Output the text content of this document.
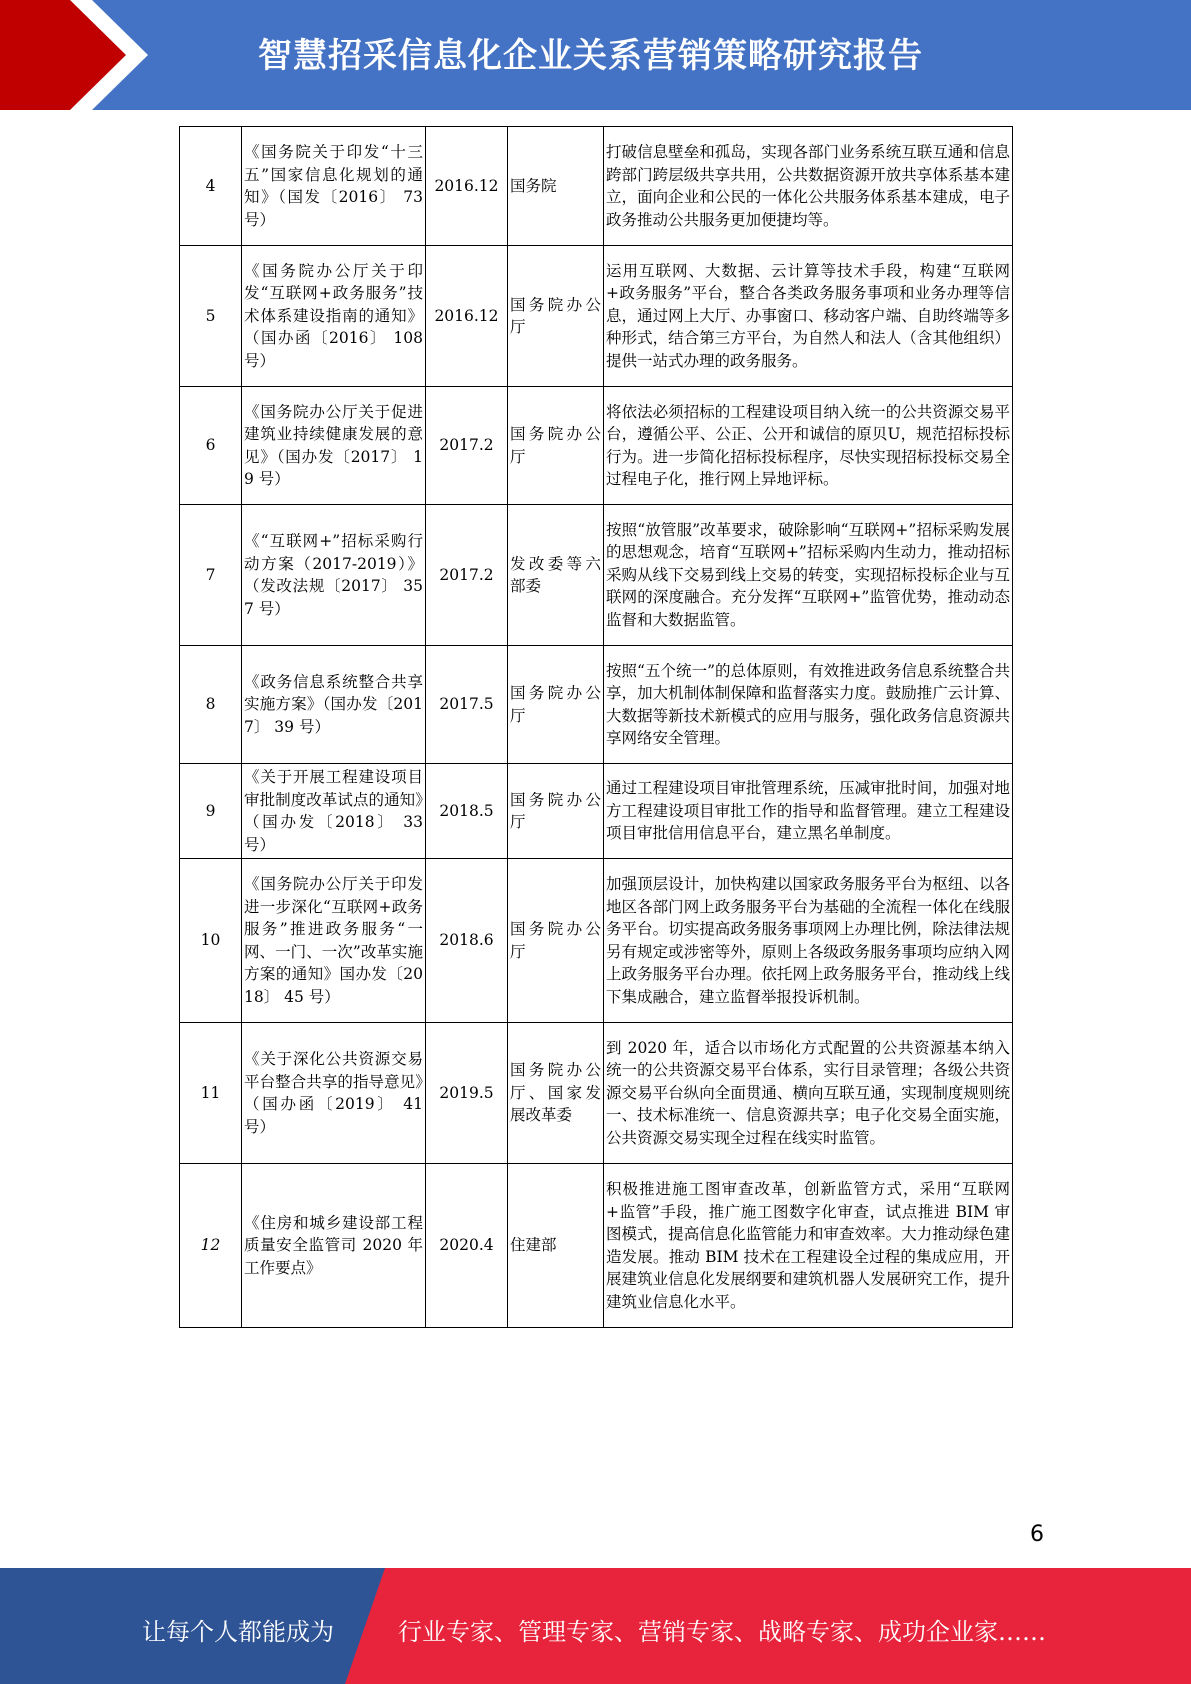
智慧招采信息化企业关系营销策略研究报告
4	《国务院关于印发“十三五”国家信息化规划的通知》（国发〔2016〕 73 号）	2016.12	国务院	打破信息壁垒和孤岛，实现各部门业务系统互联互通和信息跨部门跨层级共享共用，公共数据资源开放共享体系基本建立，面向企业和公民的一体化公共服务体系基本建成，电子政务推动公共服务更加便捷均等。
5	《国务院办公厅关于印发“互联网+政务服务”技术体系建设指南的通知》（国办函〔2016〕 108 号）	2016.12	国务院办公厅	运用互联网、大数据、云计算等技术手段，构建“互联网+政务服务”平台，整合各类政务服务事项和业务办理等信息，通过网上大厅、办事窗口、移动客户端、自助终端等多种形式，结合第三方平台，为自然人和法人（含其他组织）提供一站式办理的政务服务。
6	《国务院办公厅关于促进建筑业持续健康发展的意见》（国办发〔2017〕 19 号）	2017.2	国务院办公厅	将依法必须招标的工程建设项目纳入统一的公共资源交易平台，遵循公平、公正、公开和诚信的原贝U，规范招标投标行为。进一步简化招标投标程序，尽快实现招标投标交易全过程电子化，推行网上异地评标。
7	《“互联网+”招标采购行动方案（2017-2019）》（发改法规〔2017〕 357 号）	2017.2	发改委等六部委	按照“放管服”改革要求，破除影响“互联网+”招标采购发展的思想观念，培育“互联网+”招标采购内生动力，推动招标采购从线下交易到线上交易的转变，实现招标投标企业与互联网的深度融合。充分发挥“互联网+”监管优势，推动动态监督和大数据监管。
8	《政务信息系统整合共享实施方案》（国办发〔2017〕 39 号）	2017.5	国务院办公厅	按照“五个统一”的总体原则，有效推进政务信息系统整合共享，加大机制体制保障和监督落实力度。鼓励推广云计算、大数据等新技术新模式的应用与服务，强化政务信息资源共享网络安全管理。
9	《关于开展工程建设项目审批制度改革试点的通知》（国办发〔2018〕 33 号）	2018.5	国务院办公厅	通过工程建设项目审批管理系统，压减审批时间，加强对地方工程建设项目审批工作的指导和监督管理。建立工程建设项目审批信用信息平台，建立黑名单制度。
10	《国务院办公厅关于印发进一步深化“互联网+政务服务”推进政务服务“一网、一门、一次”改革实施方案的通知》国办发〔2018〕 45 号）	2018.6	国务院办公厅	加强顶层设计，加快构建以国家政务服务平台为枢纽、以各地区各部门网上政务服务平台为基础的全流程一体化在线服务平台。切实提高政务服务事项网上办理比例，除法律法规另有规定或涉密等外，原则上各级政务服务事项均应纳入网上政务服务平台办理。依托网上政务服务平台，推动线上线下集成融合，建立监督举报投诉机制。
11	《关于深化公共资源交易平台整合共享的指导意见》（国办函〔2019〕 41 号）	2019.5	国务院办公厅、国家发展改革委	到 2020 年，适合以市场化方式配置的公共资源基本纳入统一的公共资源交易平台体系，实行目录管理；各级公共资源交易平台纵向全面贯通、横向互联互通，实现制度规则统一、技术标准统一、信息资源共享；电子化交易全面实施，公共资源交易实现全过程在线实时监管。
12	《住房和城乡建设部工程质量安全监管司 2020 年工作要点》	2020.4	住建部	积极推进施工图审查改革，创新监管方式，采用“互联网+监管”手段，推广施工图数字化审查，试点推进 BIM 审图模式，提高信息化监管能力和审查效率。大力推动绿色建造发展。推动 BIM 技术在工程建设全过程的集成应用，开展建筑业信息化发展纲要和建筑机器人发展研究工作，提升建筑业信息化水平。
6
让每个人都能成为	行业专家、管理专家、营销专家、战略专家、成功企业家……
